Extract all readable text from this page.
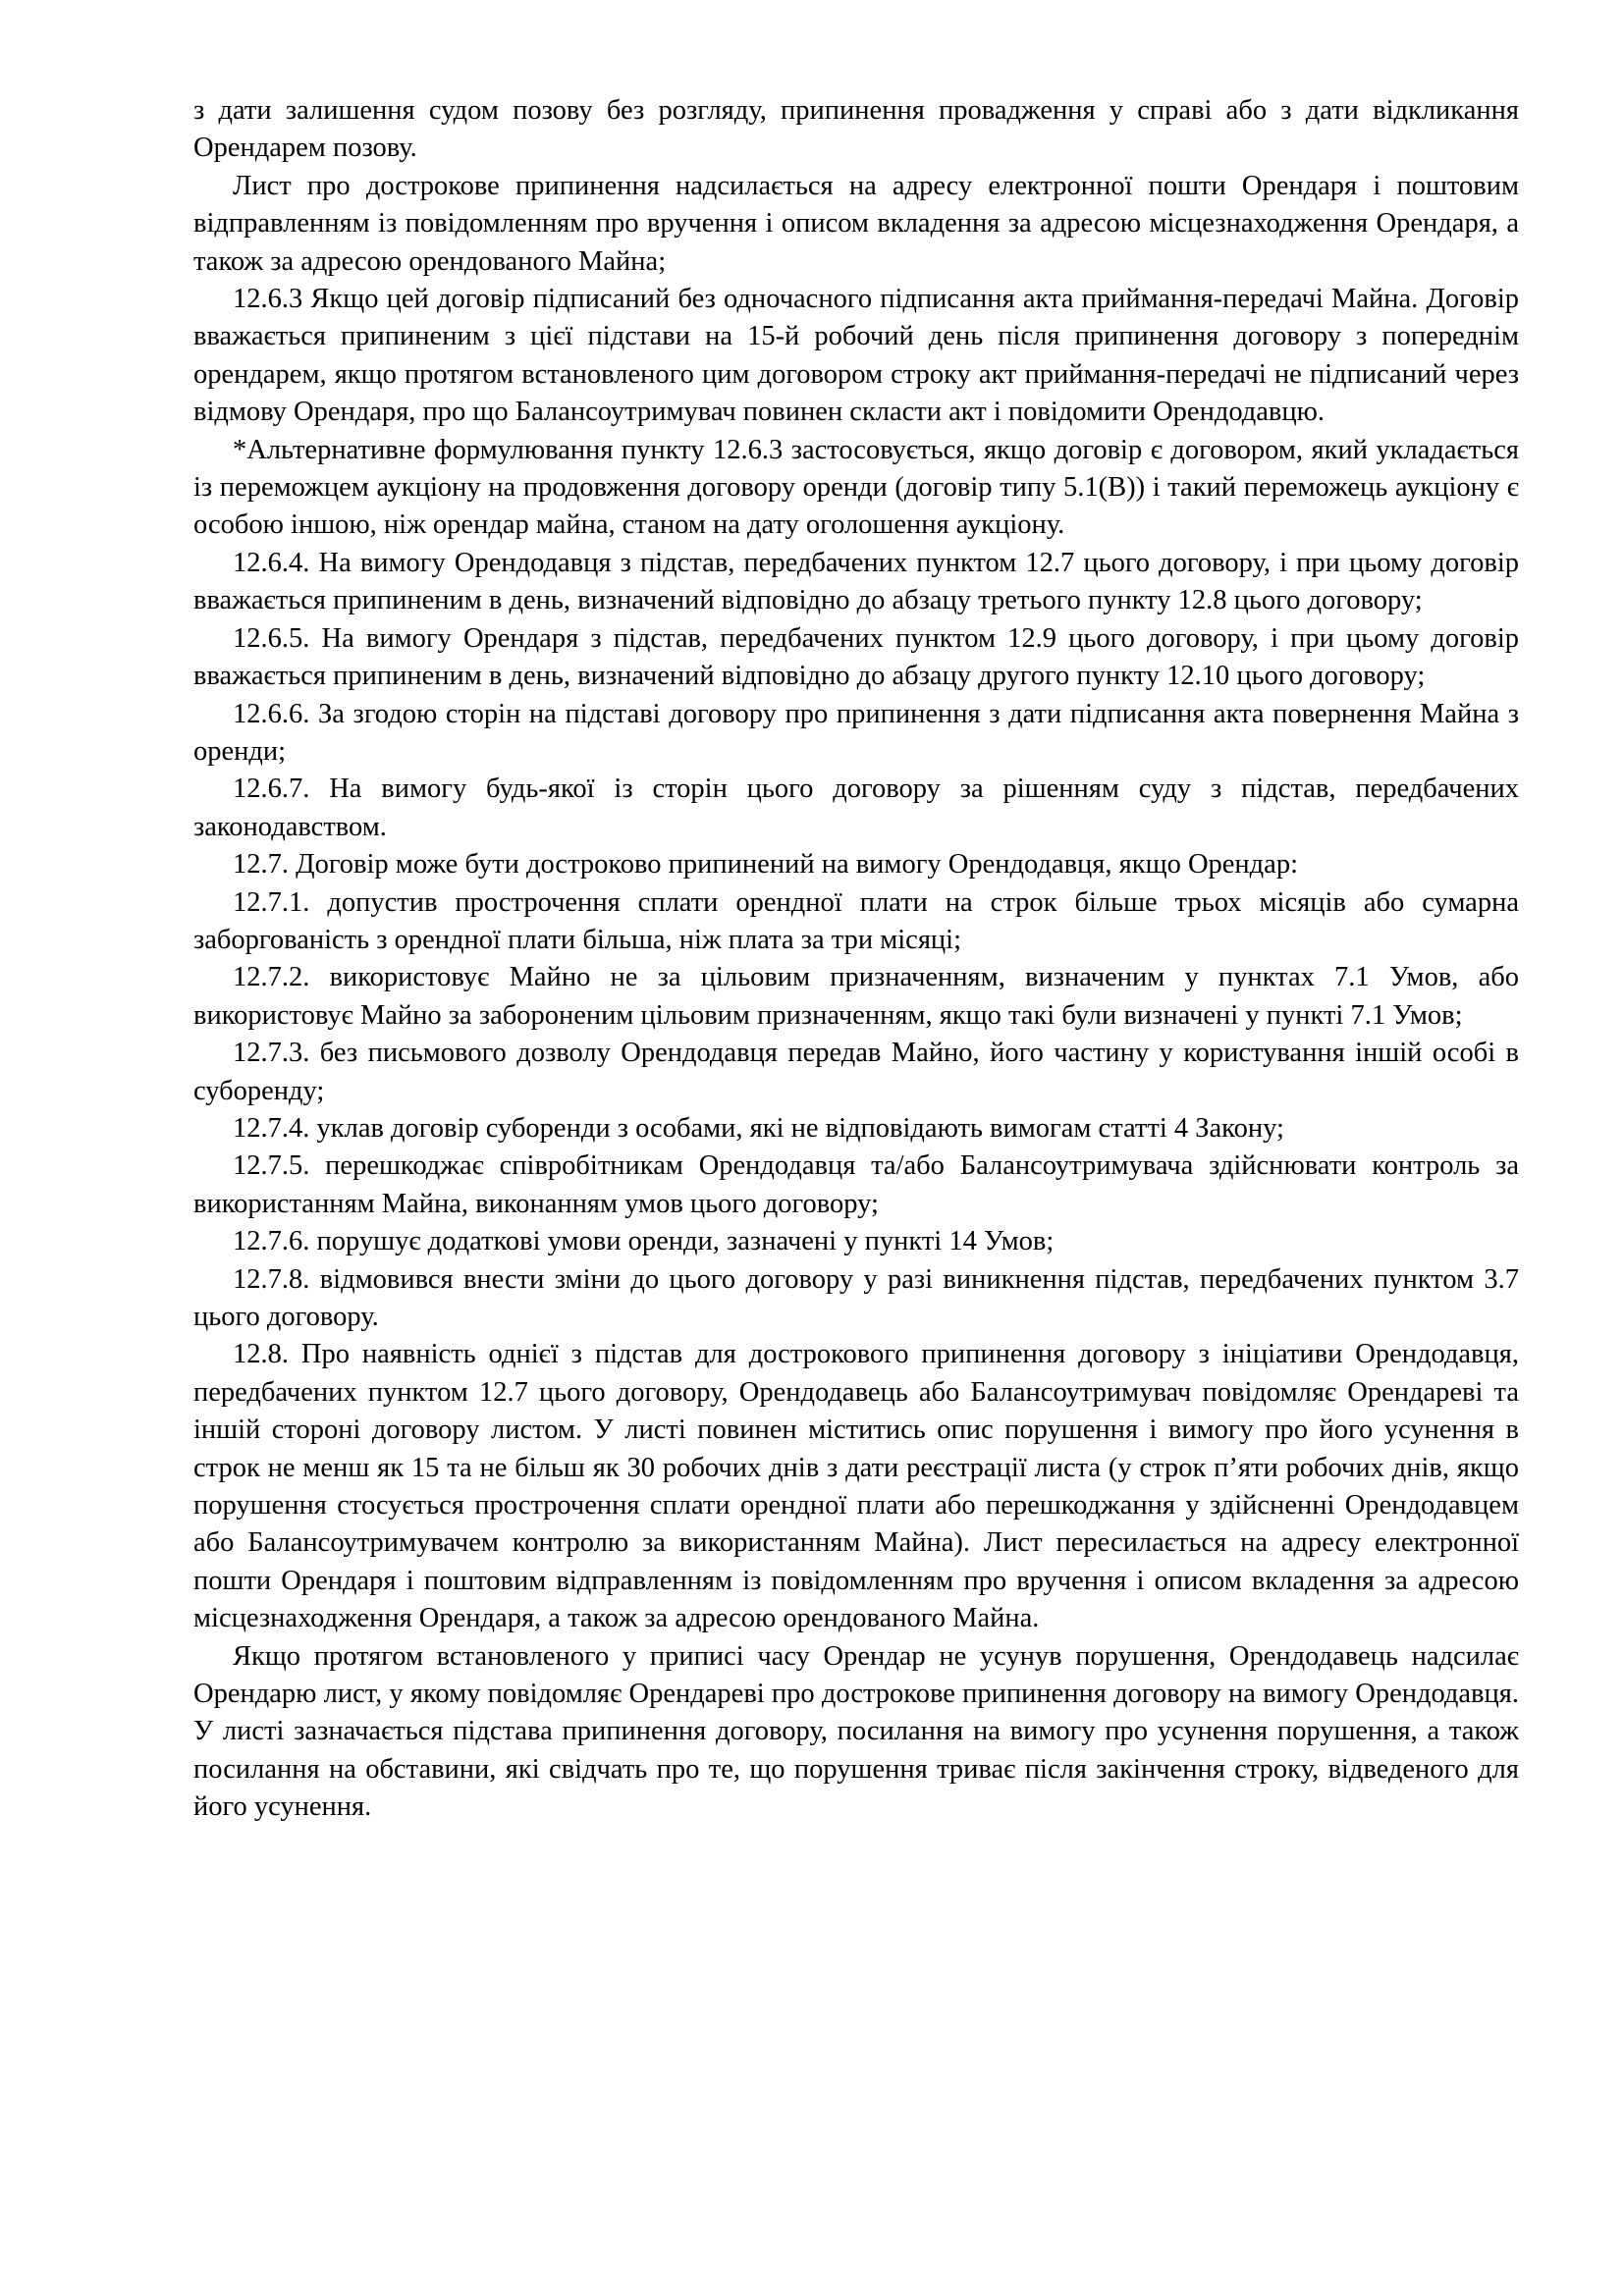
з дати залишення судом позову без розгляду, припинення провадження у справі або з дати відкликання Орендарем позову.

Лист про дострокове припинення надсилається на адресу електронної пошти Орендаря і поштовим відправленням із повідомленням про вручення і описом вкладення за адресою місцезнаходження Орендаря, а також за адресою орендованого Майна;

12.6.3 Якщо цей договір підписаний без одночасного підписання акта приймання-передачі Майна. Договір вважається припиненим з цієї підстави на 15-й робочий день після припинення договору з попереднім орендарем, якщо протягом встановленого цим договором строку акт приймання-передачі не підписаний через відмову Орендаря, про що Балансоутримувач повинен скласти акт і повідомити Орендодавцю.

*Альтернативне формулювання пункту 12.6.3 застосовується, якщо договір є договором, який укладається із переможцем аукціону на продовження договору оренди (договір типу 5.1(В)) і такий переможець аукціону є особою іншою, ніж орендар майна, станом на дату оголошення аукціону.

12.6.4. На вимогу Орендодавця з підстав, передбачених пунктом 12.7 цього договору, і при цьому договір вважається припиненим в день, визначений відповідно до абзацу третього пункту 12.8 цього договору;

12.6.5. На вимогу Орендаря з підстав, передбачених пунктом 12.9 цього договору, і при цьому договір вважається припиненим в день, визначений відповідно до абзацу другого пункту 12.10 цього договору;

12.6.6. За згодою сторін на підставі договору про припинення з дати підписання акта повернення Майна з оренди;

12.6.7. На вимогу будь-якої із сторін цього договору за рішенням суду з підстав, передбачених законодавством.

12.7. Договір може бути достроково припинений на вимогу Орендодавця, якщо Орендар:

12.7.1. допустив прострочення сплати орендної плати на строк більше трьох місяців або сумарна заборгованість з орендної плати більша, ніж плата за три місяці;

12.7.2. використовує Майно не за цільовим призначенням, визначеним у пунктах 7.1 Умов, або використовує Майно за забороненим цільовим призначенням, якщо такі були визначені у пункті 7.1 Умов;

12.7.3. без письмового дозволу Орендодавця передав Майно, його частину у користування іншій особі в суборенду;

12.7.4. уклав договір суборенди з особами, які не відповідають вимогам статті 4 Закону;

12.7.5. перешкоджає співробітникам Орендодавця та/або Балансоутримувача здійснювати контроль за використанням Майна, виконанням умов цього договору;

12.7.6. порушує додаткові умови оренди, зазначені у пункті 14 Умов;

12.7.8. відмовився внести зміни до цього договору у разі виникнення підстав, передбачених пунктом 3.7 цього договору.

12.8. Про наявність однієї з підстав для дострокового припинення договору з ініціативи Орендодавця, передбачених пунктом 12.7 цього договору, Орендодавець або Балансоутримувач повідомляє Орендареві та іншій стороні договору листом. У листі повинен міститись опис порушення і вимогу про його усунення в строк не менш як 15 та не більш як 30 робочих днів з дати реєстрації листа (у строк п’яти робочих днів, якщо порушення стосується прострочення сплати орендної плати або перешкоджання у здійсненні Орендодавцем або Балансоутримувачем контролю за використанням Майна). Лист пересилається на адресу електронної пошти Орендаря і поштовим відправленням із повідомленням про вручення і описом вкладення за адресою місцезнаходження Орендаря, а також за адресою орендованого Майна.

Якщо протягом встановленого у приписі часу Орендар не усунув порушення, Орендодавець надсилає Орендарю лист, у якому повідомляє Орендареві про дострокове припинення договору на вимогу Орендодавця. У листі зазначається підстава припинення договору, посилання на вимогу про усунення порушення, а також посилання на обставини, які свідчать про те, що порушення триває після закінчення строку, відведеного для його усунення.
